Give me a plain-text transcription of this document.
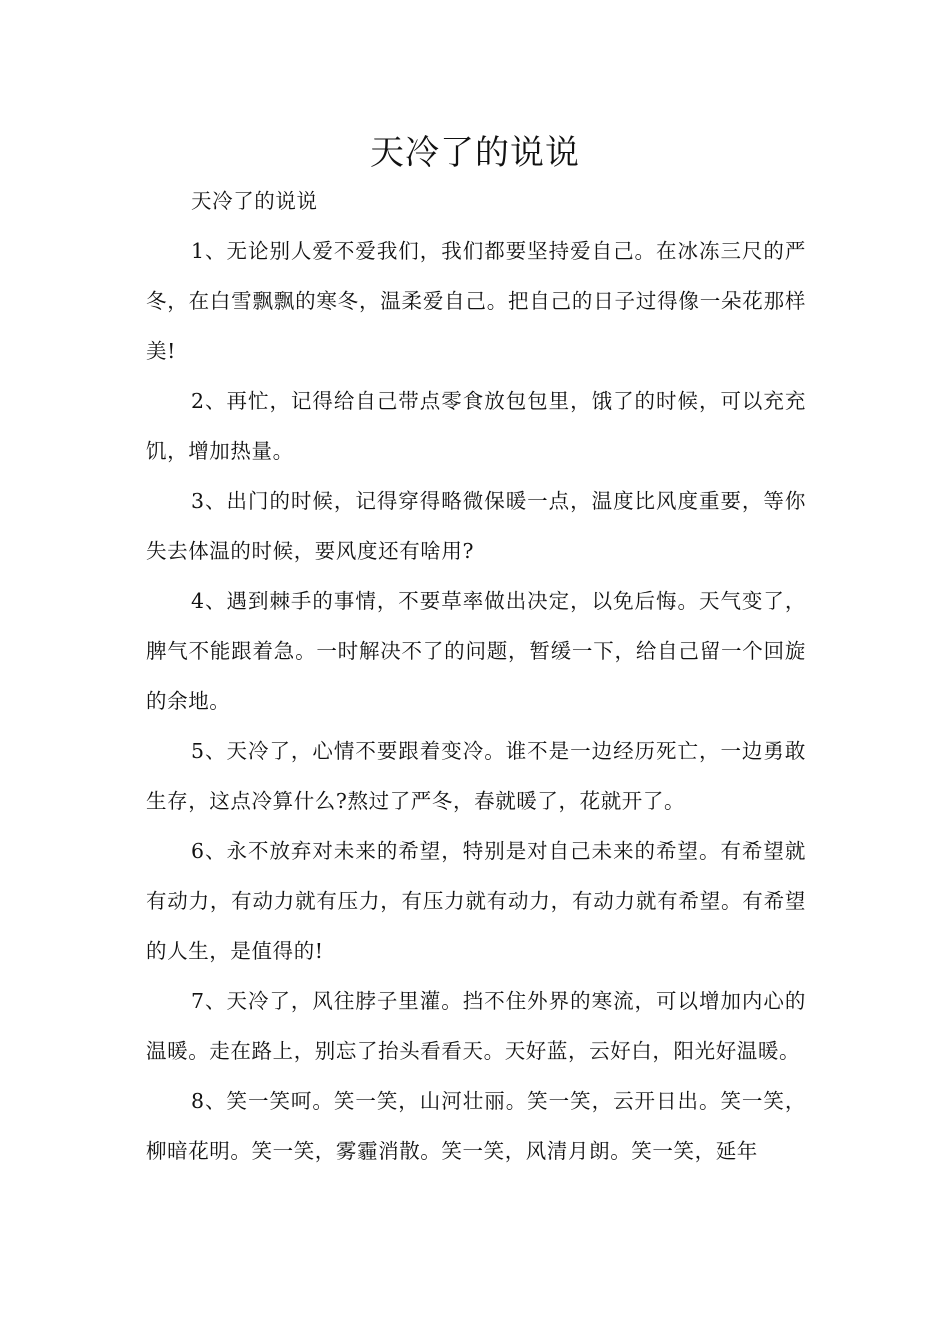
天冷了的说说

天冷了的说说

1、无论别人爱不爱我们，我们都要坚持爱自己。在冰冻三尺的严冬，在白雪飘飘的寒冬，温柔爱自己。把自己的日子过得像一朵花那样美!

2、再忙，记得给自己带点零食放包包里，饿了的时候，可以充充饥，增加热量。

3、出门的时候，记得穿得略微保暖一点，温度比风度重要，等你失去体温的时候，要风度还有啥用?

4、遇到棘手的事情，不要草率做出决定，以免后悔。天气变了，脾气不能跟着急。一时解决不了的问题，暂缓一下，给自己留一个回旋的余地。

5、天冷了，心情不要跟着变冷。谁不是一边经历死亡，一边勇敢生存，这点冷算什么?熬过了严冬，春就暖了，花就开了。

6、永不放弃对未来的希望，特别是对自己未来的希望。有希望就有动力，有动力就有压力，有压力就有动力，有动力就有希望。有希望的人生，是值得的!

7、天冷了，风往脖子里灌。挡不住外界的寒流，可以增加内心的温暖。走在路上，别忘了抬头看看天。天好蓝，云好白，阳光好温暖。

8、笑一笑呵。笑一笑，山河壮丽。笑一笑，云开日出。笑一笑，柳暗花明。笑一笑，雾霾消散。笑一笑，风清月朗。笑一笑，延年
